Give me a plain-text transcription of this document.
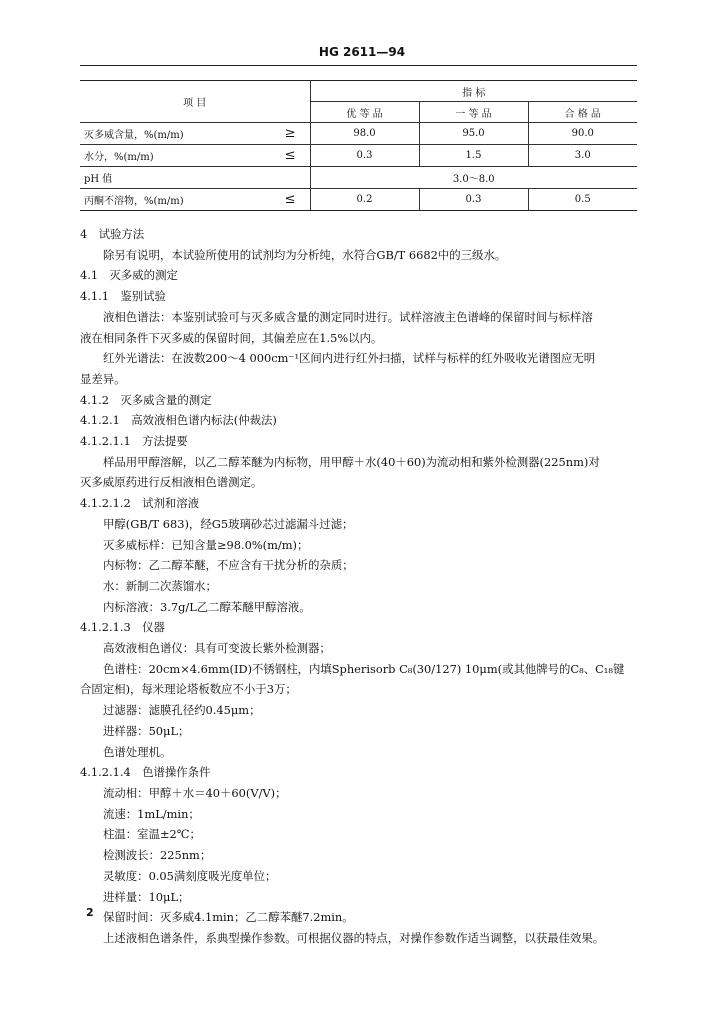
HG 2611—94
项 目		指 标		
		优 等 品	一 等 品	合 格 品
灭多威含量，%(m/m)	≥	98.0	95.0	90.0
水分，%(m/m)	≤	0.3	1.5	3.0
pH 值		3.0～8.0		
丙酮不溶物，%(m/m)	≤	0.2	0.3	0.5

4　试验方法

除另有说明，本试验所使用的试剂均为分析纯，水符合GB/T 6682中的三级水。

4.1　灭多威的测定

4.1.1　鉴别试验

液相色谱法：本鉴别试验可与灭多威含量的测定同时进行。试样溶液主色谱峰的保留时间与标样溶

液在相同条件下灭多威的保留时间，其偏差应在1.5%以内。

红外光谱法：在波数200～4 000cm⁻¹区间内进行红外扫描，试样与标样的红外吸收光谱图应无明

显差异。

4.1.2　灭多威含量的测定

4.1.2.1　高效液相色谱内标法(仲裁法)

4.1.2.1.1　方法提要

样品用甲醇溶解，以乙二醇苯醚为内标物，用甲醇＋水(40＋60)为流动相和紫外检测器(225nm)对

灭多威原药进行反相液相色谱测定。

4.1.2.1.2　试剂和溶液

甲醇(GB/T 683)，经G5玻璃砂芯过滤漏斗过滤；

灭多威标样：已知含量≥98.0%(m/m)；

内标物：乙二醇苯醚，不应含有干扰分析的杂质；

水：新制二次蒸馏水；

内标溶液：3.7g/L乙二醇苯醚甲醇溶液。

4.1.2.1.3　仪器

高效液相色谱仪：具有可变波长紫外检测器；

色谱柱：20cm×4.6mm(ID)不锈钢柱，内填Spherisorb C₈(30/127) 10μm(或其他牌号的C₈、C₁₈键

合固定相)，每米理论塔板数应不小于3万；

过滤器：滤膜孔径约0.45μm；

进样器：50μL；

色谱处理机。

4.1.2.1.4　色谱操作条件

流动相：甲醇＋水＝40＋60(V/V)；

流速：1mL/min；

柱温：室温±2℃；

检测波长：225nm；

灵敏度：0.05满刻度吸光度单位；

进样量：10μL；

保留时间：灭多威4.1min；乙二醇苯醚7.2min。

上述液相色谱条件，系典型操作参数。可根据仪器的特点，对操作参数作适当调整，以获最佳效果。

2
